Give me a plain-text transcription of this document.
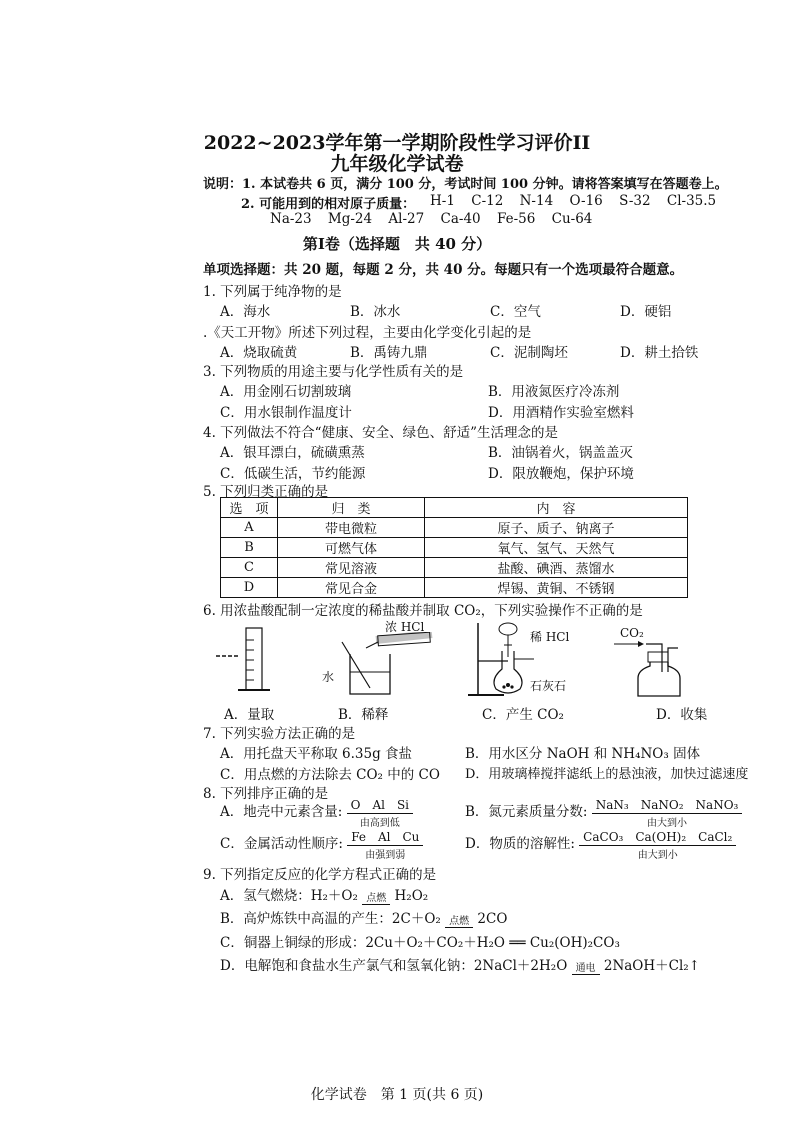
2022~2023学年第一学期阶段性学习评价II
九年级化学试卷
说明：1. 本试卷共 6 页，满分 100 分，考试时间 100 分钟。请将答案填写在答题卷上。
2. 可能用到的相对原子质量： H-1 C-12 N-14 O-16 S-32 Cl-35.5
Na-23 Mg-24 Al-27 Ca-40 Fe-56 Cu-64
第Ⅰ卷（选择题　共 40 分）
单项选择题：共 20 题，每题 2 分，共 40 分。每题只有一个选项最符合题意。
1. 下列属于纯净物的是
A．海水	B．冰水	C．空气	D．硬铝
.《天工开物》所述下列过程，主要由化学变化引起的是
A．烧取硫黄	B．禹铸九鼎	C．泥制陶坯	D．耕土拾铁
3. 下列物质的用途主要与化学性质有关的是
A．用金刚石切割玻璃	B．用液氮医疗冷冻剂
C．用水银制作温度计	D．用酒精作实验室燃料
4. 下列做法不符合“健康、安全、绿色、舒适”生活理念的是
A．银耳漂白，硫磺熏蒸	B．油锅着火，锅盖盖灭
C．低碳生活，节约能源	D．限放鞭炮，保护环境
5. 下列归类正确的是
选　项	归　类	内　容
A	带电微粒	原子、质子、钠离子
B	可燃气体	氧气、氢气、天然气
C	常见溶液	盐酸、碘酒、蒸馏水
D	常见合金	焊锡、黄铜、不锈钢
6. 用浓盐酸配制一定浓度的稀盐酸并制取 CO₂，下列实验操作不正确的是
A．量取
浓 HCl
水
B．稀释
稀 HCl
石灰石
C．产生 CO₂
CO₂
D．收集
7. 下列实验方法正确的是
A．用托盘天平称取 6.35g 食盐	B．用水区分 NaOH 和 NH₄NO₃ 固体
C．用点燃的方法除去 CO₂ 中的 CO D．用玻璃棒搅拌滤纸上的悬浊液，加快过滤速度
8. 下列排序正确的是
A．地壳中元素含量: O　Al　Si
由高到低
B．氮元素质量分数: NaN₃　NaNO₂　NaNO₃
由大到小
C．金属活动性顺序: Fe　Al　Cu
由强到弱
D．物质的溶解性: CaCO₃　Ca(OH)₂　CaCl₂
由大到小
9. 下列指定反应的化学方程式正确的是
A．氢气燃烧：H₂＋O₂ 点燃 H₂O₂
B．高炉炼铁中高温的产生：2C＋O₂ 点燃 2CO
C．铜器上铜绿的形成：2Cu＋O₂＋CO₂＋H₂O ══ Cu₂(OH)₂CO₃
D．电解饱和食盐水生产氯气和氢氧化钠：2NaCl＋2H₂O 通电 2NaOH＋Cl₂↑
化学试卷　第 1 页(共 6 页)
